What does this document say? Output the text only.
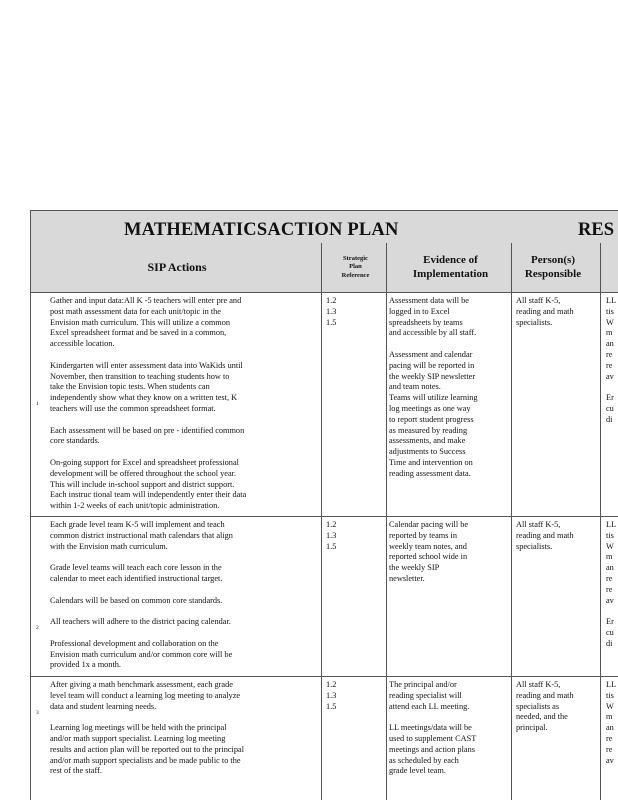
MATHEMATICSACTION PLAN	RES
SIP Actions
Strategic
Plan
Reference
Evidence of
Implementation
Person(s)
Responsible
1
Gather and input data:All K -5 teachers will enter pre and
post math assessment data for each unit/topic in the
Envision math curriculum. This will utilize a common
Excel spreadsheet format and be saved in a common,
accessible location.
Kindergarten will enter assessment data into WaKids until
November, then transition to teaching students how to
take the Envision topic tests. When students can
independently show what they know on a written test, K
teachers will use the common spreadsheet format.
Each assessment will be based on pre - identified common
core standards.
On-going support for Excel and spreadsheet professional
development will be offered throughout the school year.
This will include in-school support and district support.
Each instruc tional team will independently enter their data
within 1-2 weeks of each unit/topic administration.
1.2
1.3
1.5
Assessment data will be
logged in to Excel
spreadsheets by teams
and accessible by all staff.
Assessment and calendar
pacing will be reported in
the weekly SIP newsletter
and team notes.
Teams will utilize learning
log meetings as one way
to report student progress
as measured by reading
assessments, and make
adjustments to Success
Time and intervention on
reading assessment data.
All staff K-5,
reading and math
specialists.
LL
tis
W
m
an
re
re
av
Er
cu
di
2
Each grade level team K-5 will implement and teach
common district instructional math calendars that align
with the Envision math curriculum.
Grade level teams will teach each core lesson in the
calendar to meet each identified instructional target.
Calendars will be based on common core standards.
All teachers will adhere to the district pacing calendar.
Professional development and collaboration on the
Envision math curriculum and/or common core will be
provided 1x a month.
1.2
1.3
1.5
Calendar pacing will be
reported by teams in
weekly team notes, and
reported school wide in
the weekly SIP
newsletter.
All staff K-5,
reading and math
specialists.
LL
tis
W
m
an
re
re
av
Er
cu
di
3
After giving a math benchmark assessment, each grade
level team will conduct a learning log meeting to analyze
data and student learning needs.
Learning log meetings will be held with the principal
and/or math support specialist. Learning log meeting
results and action plan will be reported out to the principal
and/or math support specialists and be made public to the
rest of the staff.
1.2
1.3
1.5
The principal and/or
reading specialist will
attend each LL meeting.
LL meetings/data will be
used to supplement CAST
meetings and action plans
as scheduled by each
grade level team.
All staff K-5,
reading and math
specialists as
needed, and the
principal.
LL
tis
W
m
an
re
re
av
